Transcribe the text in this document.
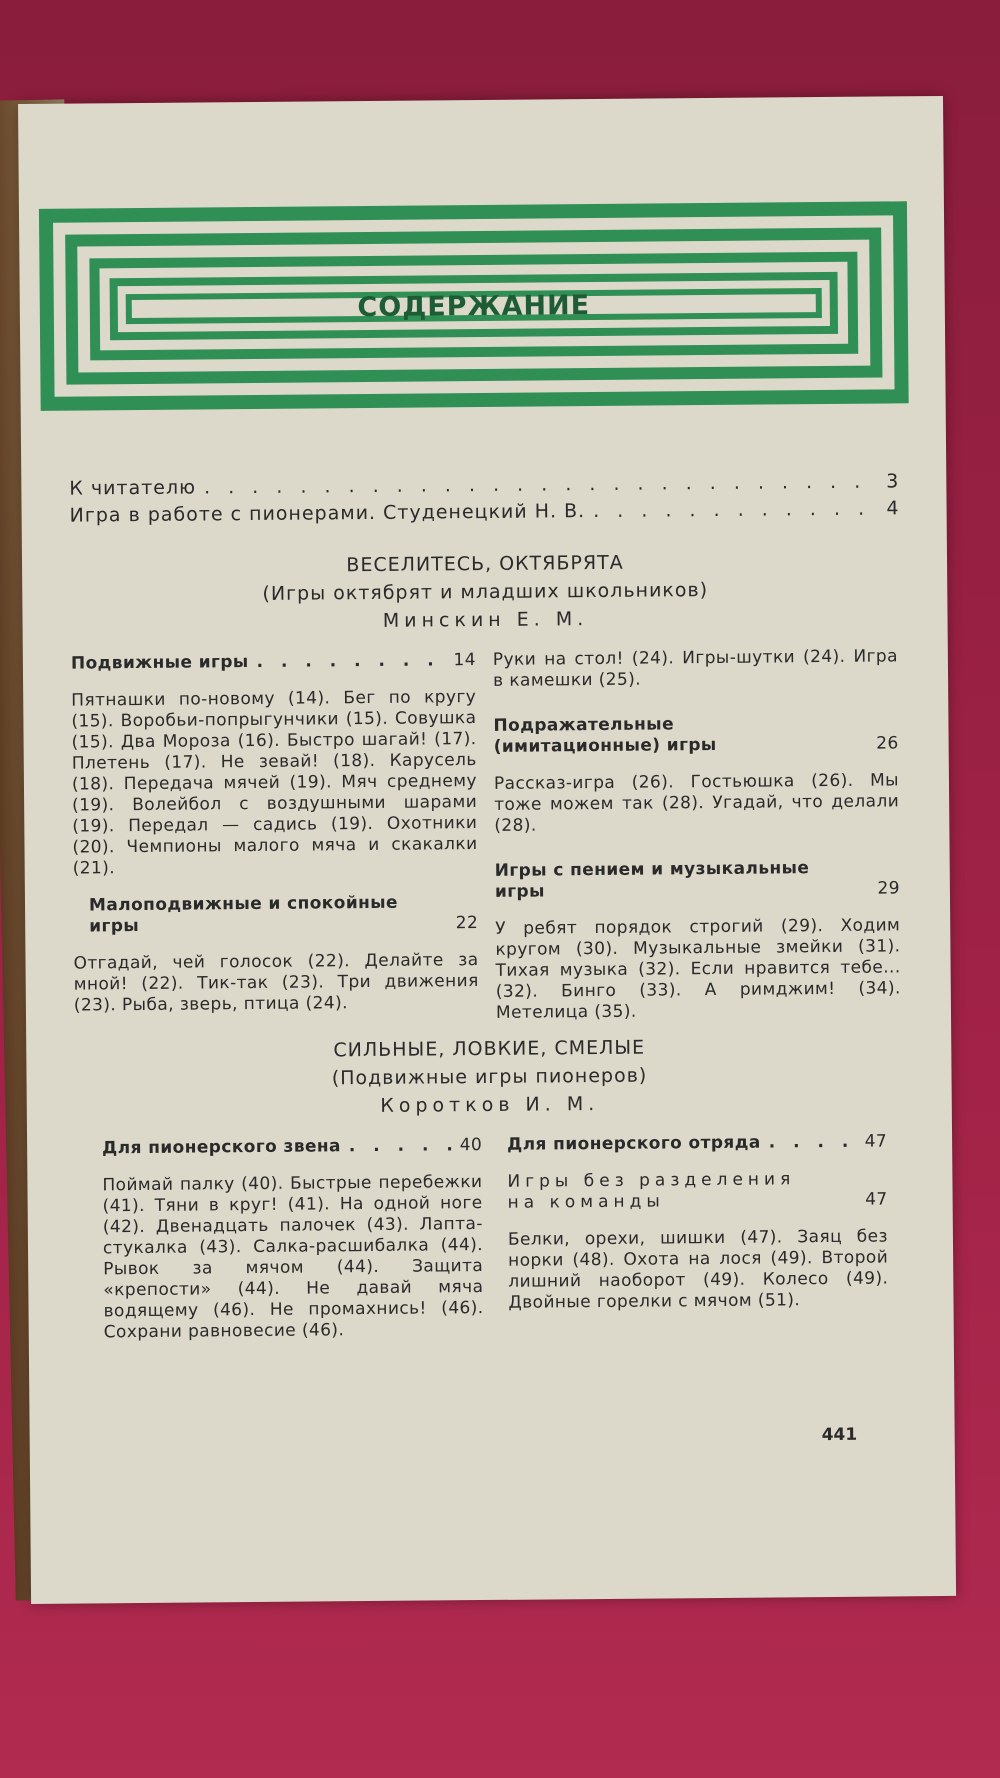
СОДЕРЖАНИЕ
К читателю . . .	3
Игра в работе с пионерами. Студенецкий Н. В. . . .	4
ВЕСЕЛИТЕСЬ, ОКТЯБРЯТА
(Игры октябрят и младших школьников)
Минскин Е. М.
Подвижные игры . . .	14
Пятнашки по-новому (14). Бег по кругу (15). Воробьи-попрыгунчики (15). Совушка (15). Два Мороза (16). Быстро шагай! (17). Плетень (17). Не зевай! (18). Карусель (18). Передача мячей (19). Мяч среднему (19). Волейбол с воздушными шарами (19). Передал — садись (19). Охотники (20). Чемпионы малого мяча и скакалки (21).
Малоподвижные и спокойные игры	22
Отгадай, чей голосок (22). Делайте за мной! (22). Тик-так (23). Три движения (23). Рыба, зверь, птица (24).
Руки на стол! (24). Игры-шутки (24). Игра в камешки (25).
Подражательные (имитационные) игры	26
Рассказ-игра (26). Гостьюшка (26). Мы тоже можем так (28). Угадай, что делали (28).
Игры с пением и музыкальные игры	29
У ребят порядок строгий (29). Ходим кругом (30). Музыкальные змейки (31). Тихая музыка (32). Если нравится тебе... (32). Бинго (33). А римджим! (34). Метелица (35).
СИЛЬНЫЕ, ЛОВКИЕ, СМЕЛЫЕ
(Подвижные игры пионеров)
Коротков И. М.
Для пионерского звена . . .	40
Поймай палку (40). Быстрые перебежки (41). Тяни в круг! (41). На одной ноге (42). Двенадцать палочек (43). Лапта-стукалка (43). Салка-расшибалка (44). Рывок за мячом (44). Защита «крепости» (44). Не давай мяча водящему (46). Не промахнись! (46). Сохрани равновесие (46).
Для пионерского отряда . . .	47
Игры без разделения на команды	47
Белки, орехи, шишки (47). Заяц без норки (48). Охота на лося (49). Второй лишний наоборот (49). Колесо (49). Двойные горелки с мячом (51).
441
